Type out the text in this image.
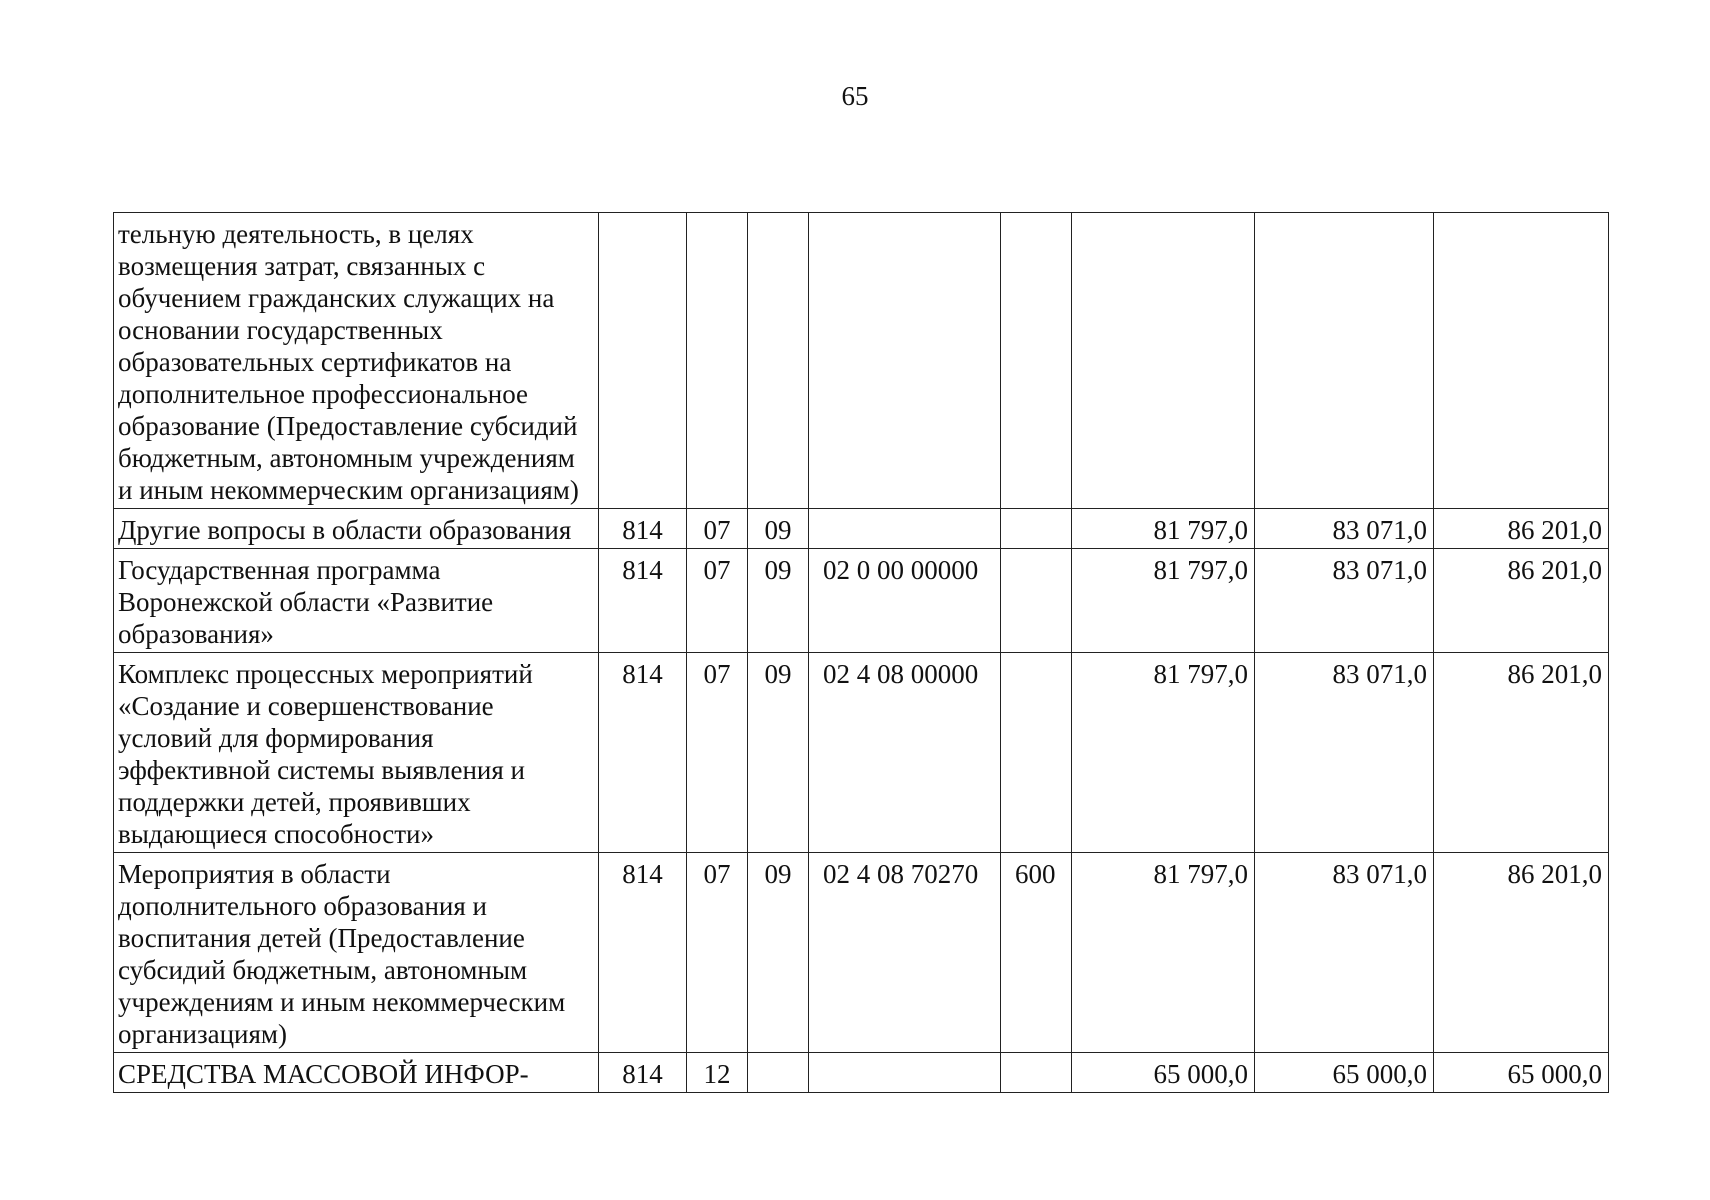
65
тельную деятельность, в целях возмещения затрат, связанных с обучением гражданских служащих на основании государственных образовательных сертификатов на дополнительное профессиональное образование (Предоставление субсидий бюджетным, автономным учреждениям и иным некоммерческим организациям)								
Другие вопросы в области образования	814	07	09			81 797,0	83 071,0	86 201,0
Государственная программа Воронежской области «Развитие образования»	814	07	09	02 0 00 00000		81 797,0	83 071,0	86 201,0
Комплекс процессных мероприятий «Создание и совершенствование условий для формирования эффективной системы выявления и поддержки детей, проявивших выдающиеся способности»	814	07	09	02 4 08 00000		81 797,0	83 071,0	86 201,0
Мероприятия в области дополнительного образования и воспитания детей (Предоставление субсидий бюджетным, автономным учреждениям и иным некоммерческим организациям)	814	07	09	02 4 08 70270	600	81 797,0	83 071,0	86 201,0
СРЕДСТВА МАССОВОЙ ИНФОР-	814	12				65 000,0	65 000,0	65 000,0
